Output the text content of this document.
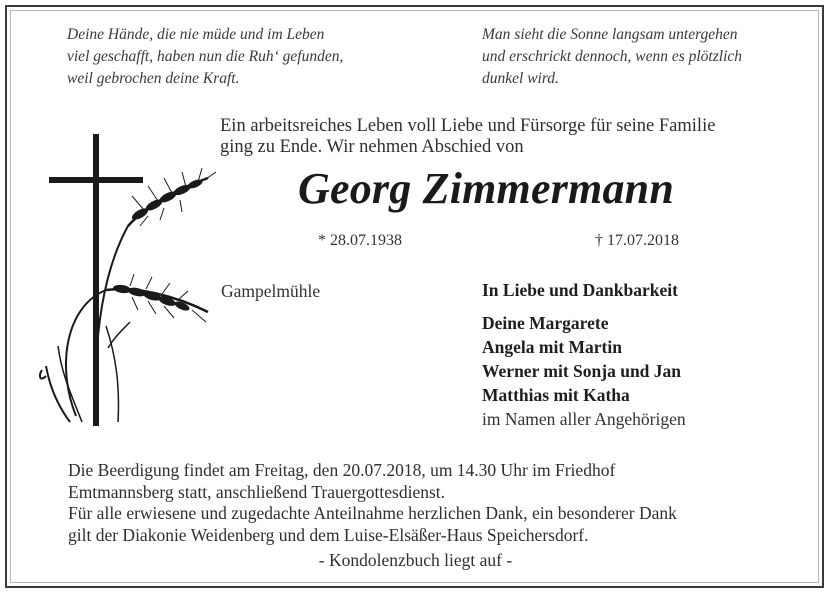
Deine Hände, die nie müde und im Leben
viel geschafft, haben nun die Ruh‘ gefunden,
weil gebrochen deine Kraft.
Man sieht die Sonne langsam untergehen
und erschrickt dennoch, wenn es plötzlich
dunkel wird.
Ein arbeitsreiches Leben voll Liebe und Fürsorge für seine Familie
ging zu Ende. Wir nehmen Abschied von
Georg Zimmermann
* 28.07.1938	† 17.07.2018
Gampelmühle	In Liebe und Dankbarkeit
Deine Margarete
Angela mit Martin
Werner mit Sonja und Jan
Matthias mit Katha
im Namen aller Angehörigen
Die Beerdigung findet am Freitag, den 20.07.2018, um 14.30 Uhr im Friedhof
Emtmannsberg statt, anschließend Trauergottesdienst.
Für alle erwiesene und zugedachte Anteilnahme herzlichen Dank, ein besonderer Dank
gilt der Diakonie Weidenberg und dem Luise-Elsäßer-Haus Speichersdorf.
- Kondolenzbuch liegt auf -
